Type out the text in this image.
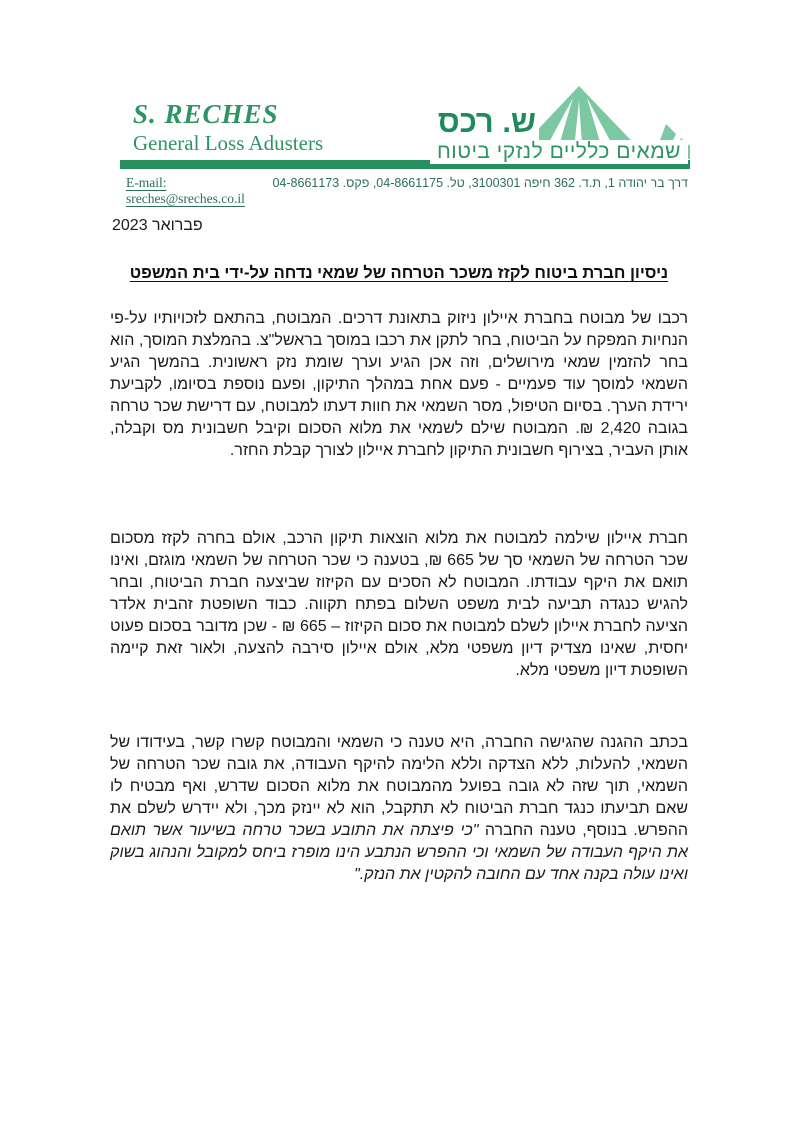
S. RECHES
General Loss Adusters
ש. רכס
שמאים כלליים לנזקי ביטוח
E-mail: sreches@sreches.co.il
דרך בר יהודה 1, ת.ד. 362 חיפה 3100301, טל. 04-8661175, פקס. 04-8661173
פברואר 2023
ניסיון חברת ביטוח לקזז משכר הטרחה של שמאי נדחה על-ידי בית המשפט

רכבו של מבוטח בחברת איילון ניזוק בתאונת דרכים. המבוטח, בהתאם לזכויותיו על-פי הנחיות המפקח על הביטוח, בחר לתקן את רכבו במוסך בראשל"צ. בהמלצת המוסך, הוא בחר להזמין שמאי מירושלים, וזה אכן הגיע וערך שומת נזק ראשונית. בהמשך הגיע השמאי למוסך עוד פעמיים - פעם אחת במהלך התיקון, ופעם נוספת בסיומו, לקביעת ירידת הערך. בסיום הטיפול, מסר השמאי את חוות דעתו למבוטח, עם דרישת שכר טרחה בגובה 2,420 ₪. המבוטח שילם לשמאי את מלוא הסכום וקיבל חשבונית מס וקבלה, אותן העביר, בצירוף חשבונית התיקון לחברת איילון לצורך קבלת החזר.

חברת איילון שילמה למבוטח את מלוא הוצאות תיקון הרכב, אולם בחרה לקזז מסכום שכר הטרחה של השמאי סך של 665 ₪, בטענה כי שכר הטרחה של השמאי מוגזם, ואינו תואם את היקף עבודתו. המבוטח לא הסכים עם הקיזוז שביצעה חברת הביטוח, ובחר להגיש כנגדה תביעה לבית משפט השלום בפתח תקווה. כבוד השופטת זהבית אלדר הציעה לחברת איילון לשלם למבוטח את סכום הקיזוז – 665 ₪ - שכן מדובר בסכום פעוט יחסית, שאינו מצדיק דיון משפטי מלא, אולם איילון סירבה להצעה, ולאור זאת קיימה השופטת דיון משפטי מלא.

בכתב ההגנה שהגישה החברה, היא טענה כי השמאי והמבוטח קשרו קשר, בעידודו של השמאי, להעלות, ללא הצדקה וללא הלימה להיקף העבודה, את גובה שכר הטרחה של השמאי, תוך שזה לא גובה בפועל מהמבוטח את מלוא הסכום שדרש, ואף מבטיח לו שאם תביעתו כנגד חברת הביטוח לא תתקבל, הוא לא יינזק מכך, ולא יידרש לשלם את ההפרש. בנוסף, טענה החברה "כי פיצתה את התובע בשכר טרחה בשיעור אשר תואם את היקף העבודה של השמאי וכי ההפרש הנתבע הינו מופרז ביחס למקובל והנהוג בשוק ואינו עולה בקנה אחד עם החובה להקטין את הנזק."
